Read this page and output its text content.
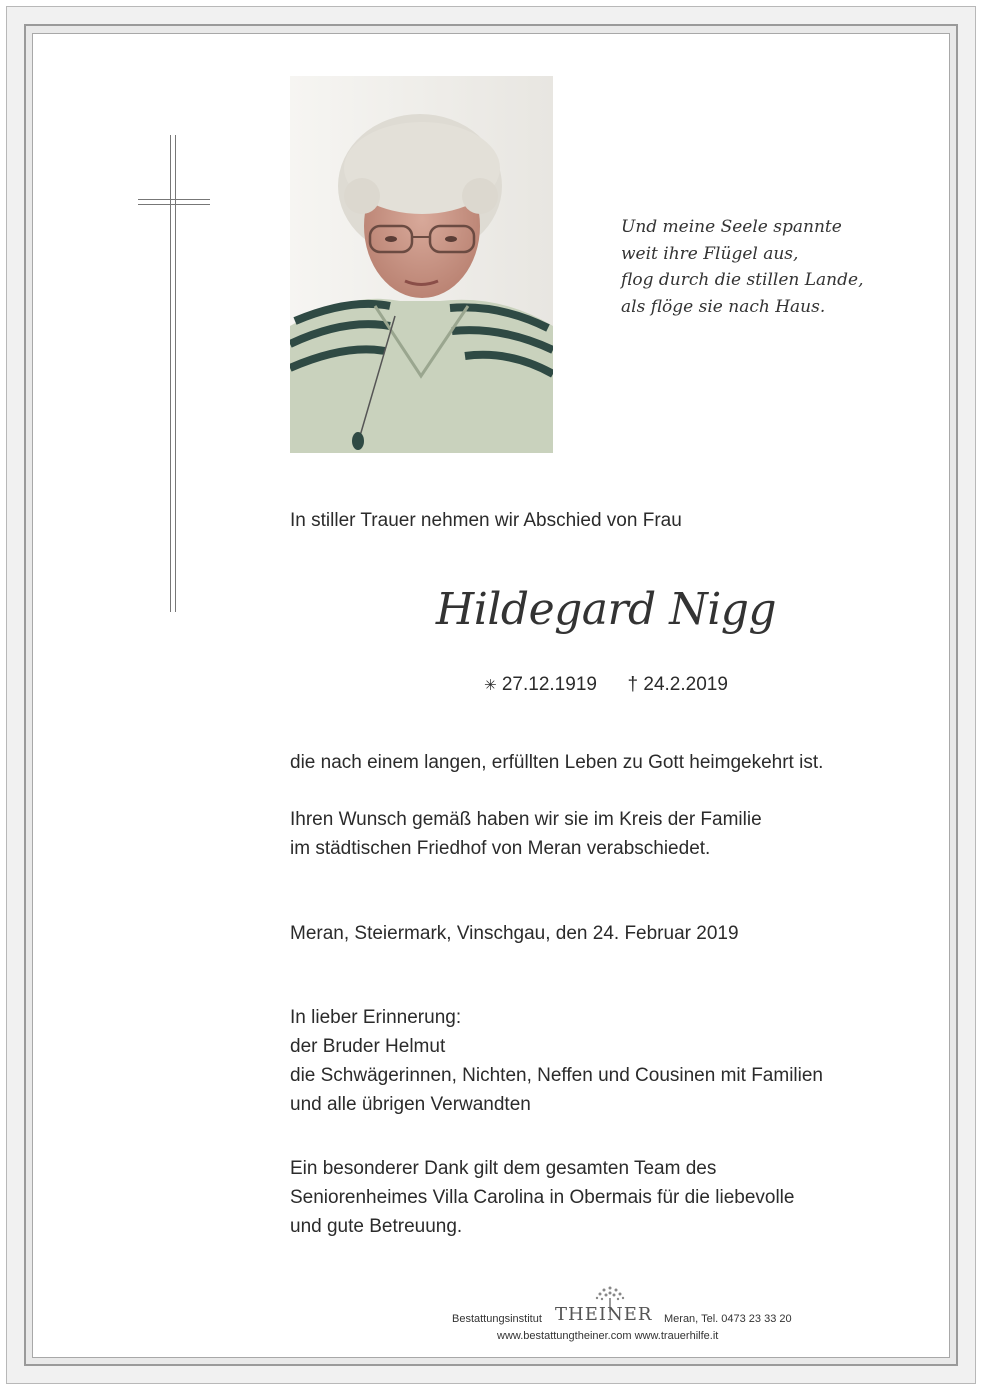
Und meine Seele spannte
weit ihre Flügel aus,
flog durch die stillen Lande,
als flöge sie nach Haus.
In stiller Trauer nehmen wir Abschied von Frau
Hildegard Nigg
✳ 27.12.1919 † 24.2.2019
die nach einem langen, erfüllten Leben zu Gott heimgekehrt ist.
Ihren Wunsch gemäß haben wir sie im Kreis der Familie
im städtischen Friedhof von Meran verabschiedet.
Meran, Steiermark, Vinschgau, den 24. Februar 2019
In lieber Erinnerung:
der Bruder Helmut
die Schwägerinnen, Nichten, Neffen und Cousinen mit Familien
und alle übrigen Verwandten
Ein besonderer Dank gilt dem gesamten Team des
Seniorenheimes Villa Carolina in Obermais für die liebevolle
und gute Betreuung.
Bestattungsinstitut THEINER Meran, Tel. 0473 23 33 20
www.bestattungtheiner.com www.trauerhilfe.it
